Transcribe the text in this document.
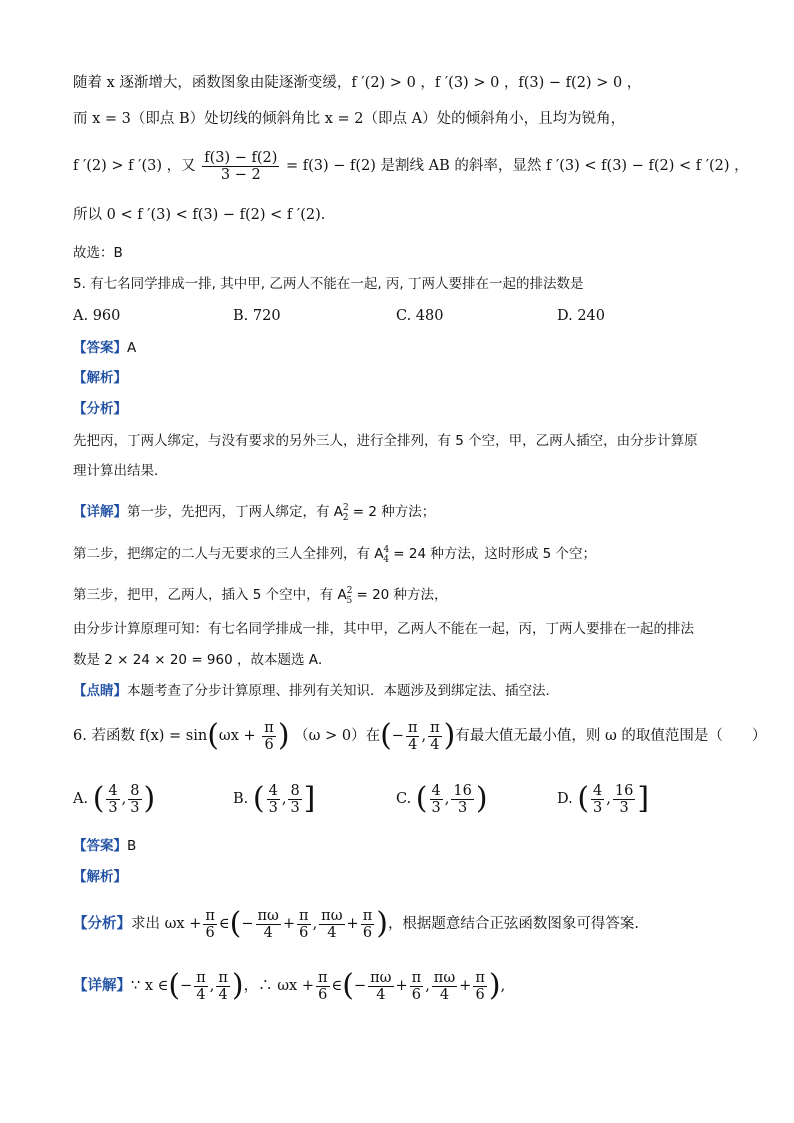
随着 x 逐渐增大，函数图象由陡逐渐变缓，f ′(2) > 0 ，f ′(3) > 0 ，f(3) − f(2) > 0 ，
而 x = 3（即点 B）处切线的倾斜角比 x = 2（即点 A）处的倾斜角小，且均为锐角，
f ′(2) > f ′(3) ，又 $\frac{f(3) - f(2)}{3 - 2} = f(3) - f(2)$ 是割线 AB 的斜率，显然 f ′(3) < f(3) − f(2) < f ′(2) ，
所以 0 < f ′(3) < f(3) − f(2) < f ′(2).
故选：B
5. 有七名同学排成一排, 其中甲, 乙两人不能在一起, 丙, 丁两人要排在一起的排法数是
A. 960	B. 720	C. 480	D. 240
【答案】A
【解析】
【分析】
先把丙，丁两人绑定，与没有要求的另外三人，进行全排列，有 5 个空，甲，乙两人插空，由分步计算原
理计算出结果．
【详解】第一步，先把丙，丁两人绑定，有 $A^2_2 = 2$ 种方法；
第二步，把绑定的二人与无要求的三人全排列，有 $A^4_4 = 24$ 种方法，这时形成 5 个空；
第三步，把甲，乙两人，插入 5 个空中，有 $A^2_5 = 20$ 种方法，
由分步计算原理可知：有七名同学排成一排，其中甲，乙两人不能在一起，丙，丁两人要排在一起的排法
数是 2 × 24 × 20 = 960 ，故本题选 A．
【点睛】本题考查了分步计算原理、排列有关知识．本题涉及到绑定法、插空法．
6. 若函数 $f(x) = \sin(\omega x + \frac{\pi}{6}$ ) （ω > 0）在(− $\frac{\pi}{4}$ , $\frac{\pi}{4}$ )有最大值无最小值，则 ω 的取值范围是（　　）
A. ( $\frac{4}{3}$ , $\frac{8}{3}$ )	B. ( $\frac{4}{3}$ , $\frac{8}{3}$ ]	C. ( $\frac{4}{3}$ , $\frac{16}{3}$ )	D. ( $\frac{4}{3}$ , $\frac{16}{3}$ ]
【答案】B
【解析】
【分析】求出 $\omega x + \frac{\pi}{6}$ ∈(− $\frac{\pi\omega}{4} + \frac{\pi}{6}$ , $\frac{\pi\omega}{4} + \frac{\pi}{6}$ )，根据题意结合正弦函数图象可得答案.
【详解】∵ x ∈(− $\frac{\pi}{4}$ , $\frac{\pi}{4}$ )，∴ $\omega x + \frac{\pi}{6}$ ∈(− $\frac{\pi\omega}{4} + \frac{\pi}{6}$ , $\frac{\pi\omega}{4} + \frac{\pi}{6}$ ),
